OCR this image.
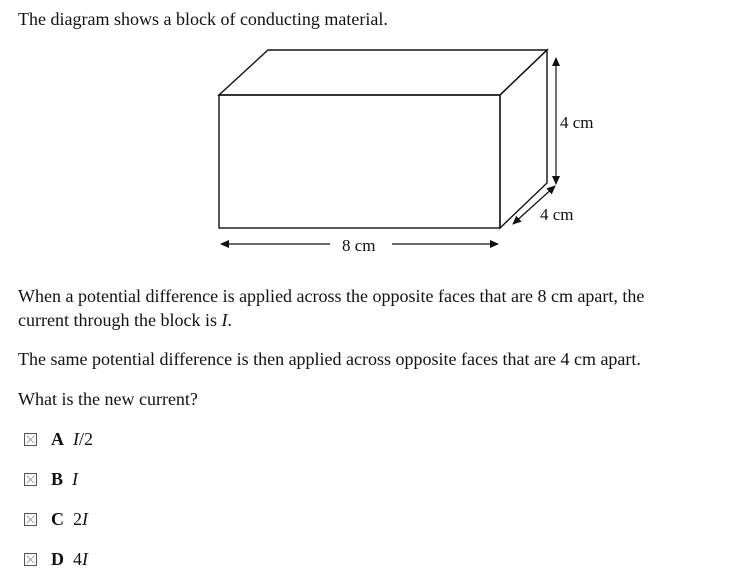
The diagram shows a block of conducting material.
4 cm
4 cm
8 cm
When a potential difference is applied across the opposite faces that are 8 cm apart, the
current through the block is I.
The same potential difference is then applied across opposite faces that are 4 cm apart.
What is the new current?
A I/2
B I
C 2I
D 4I
